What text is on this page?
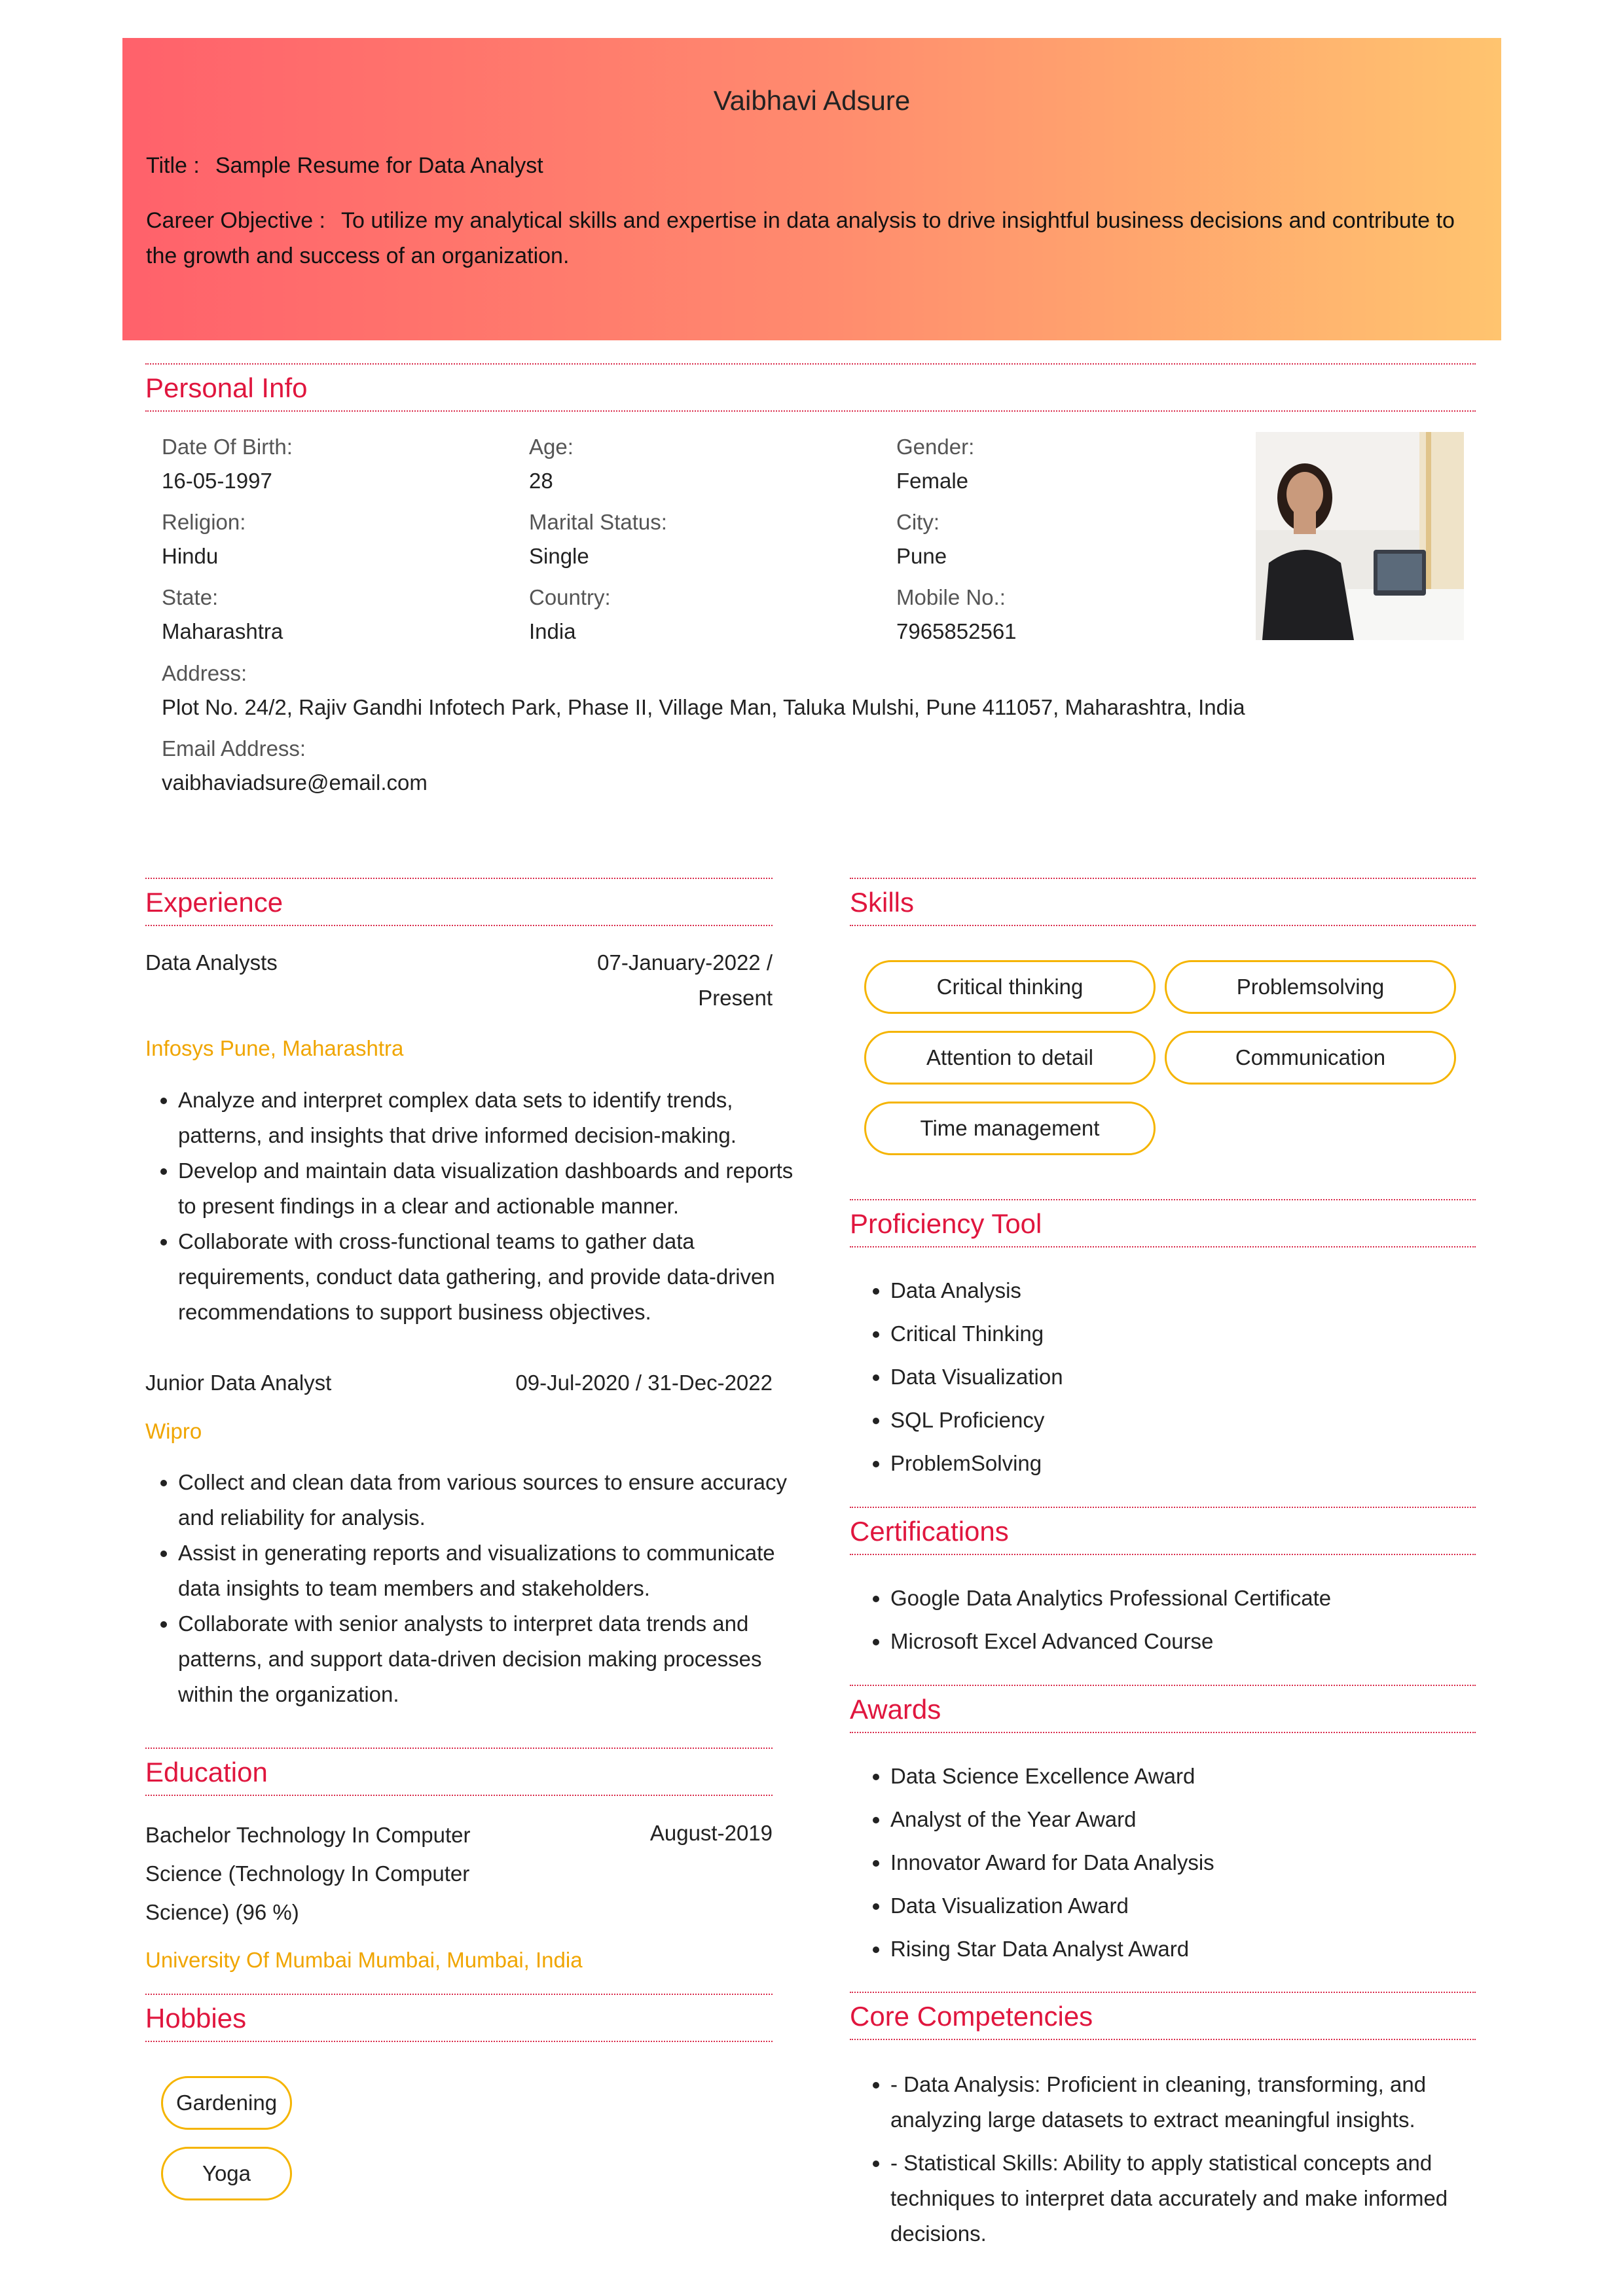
Vaibhavi Adsure
Title : Sample Resume for Data Analyst
Career Objective : To utilize my analytical skills and expertise in data analysis to drive insightful business decisions and contribute to the growth and success of an organization.
Personal Info
Date Of Birth:
16-05-1997
Age:
28
Gender:
Female
Religion:
Hindu
Marital Status:
Single
City:
Pune
State:
Maharashtra
Country:
India
Mobile No.:
7965852561
Address:
Plot No. 24/2, Rajiv Gandhi Infotech Park, Phase II, Village Man, Taluka Mulshi, Pune 411057, Maharashtra, India
Email Address:
vaibhaviadsure@email.com
Experience
Data Analysts	07-January-2022 /
Present
Infosys Pune, Maharashtra
• Analyze and interpret complex data sets to identify trends, patterns, and insights that drive informed decision-making.
• Develop and maintain data visualization dashboards and reports to present findings in a clear and actionable manner.
• Collaborate with cross-functional teams to gather data requirements, conduct data gathering, and provide data-driven recommendations to support business objectives.
Junior Data Analyst	09-Jul-2020 / 31-Dec-2022
Wipro
• Collect and clean data from various sources to ensure accuracy and reliability for analysis.
• Assist in generating reports and visualizations to communicate data insights to team members and stakeholders.
• Collaborate with senior analysts to interpret data trends and patterns, and support data-driven decision making processes within the organization.
Education
Bachelor Technology In Computer
Science (Technology In Computer
Science) (96 %)
August-2019
University Of Mumbai Mumbai, Mumbai, India
Hobbies
Gardening
Yoga
Skills
Critical thinking	Problemsolving
Attention to detail	Communication
Time management
Proficiency Tool
• Data Analysis
• Critical Thinking
• Data Visualization
• SQL Proficiency
• ProblemSolving
Certifications
• Google Data Analytics Professional Certificate
• Microsoft Excel Advanced Course
Awards
• Data Science Excellence Award
• Analyst of the Year Award
• Innovator Award for Data Analysis
• Data Visualization Award
• Rising Star Data Analyst Award
Core Competencies
• - Data Analysis: Proficient in cleaning, transforming, and analyzing large datasets to extract meaningful insights.
• - Statistical Skills: Ability to apply statistical concepts and techniques to interpret data accurately and make informed decisions.
